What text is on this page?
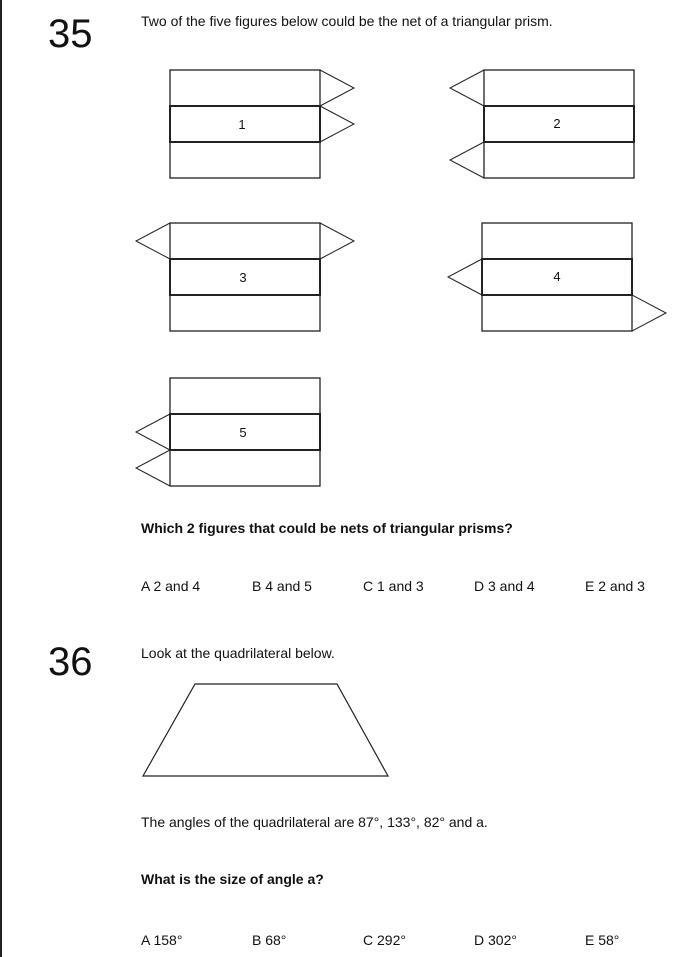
35	Two of the five figures below could be the net of a triangular prism.
1	2
3	4
5
Which 2 figures that could be nets of triangular prisms?
A 2 and 4	B 4 and 5	C 1 and 3	D 3 and 4	E 2 and 3
36	Look at the quadrilateral below.
The angles of the quadrilateral are 87°, 133°, 82° and a.
What is the size of angle a?
A 158°	B 68°	C 292°	D 302°	E 58°
